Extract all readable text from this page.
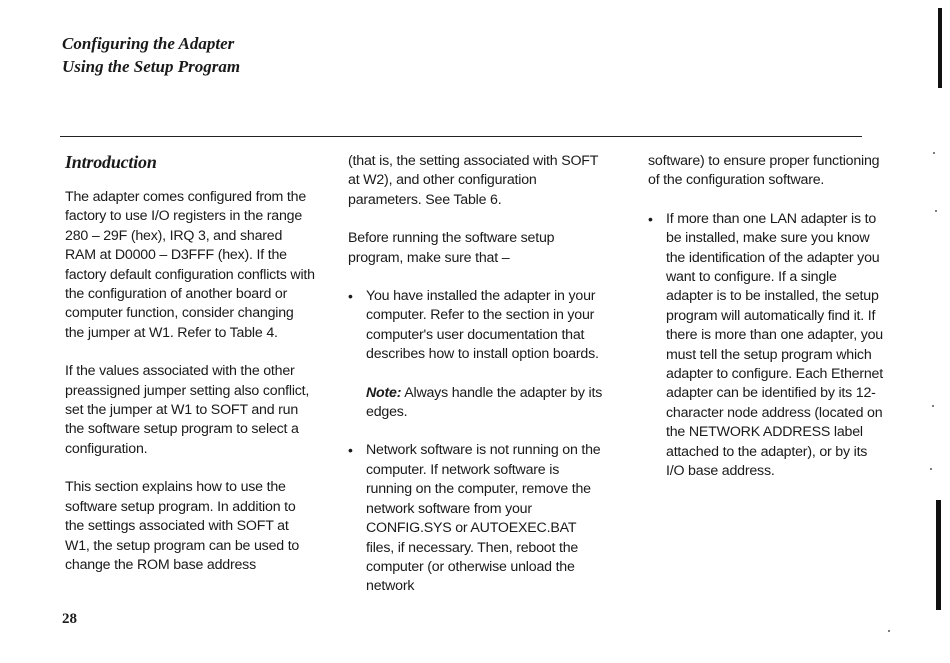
Configuring the Adapter
Using the Setup Program
Introduction

The adapter comes configured from the factory to use I/O registers in the range 280 – 29F (hex), IRQ 3, and shared RAM at D0000 – D3FFF (hex). If the factory default configuration conflicts with the configuration of another board or computer function, consider changing the jumper at W1. Refer to Table 4.

If the values associated with the other preassigned jumper setting also conflict, set the jumper at W1 to SOFT and run the software setup program to select a configuration.

This section explains how to use the software setup program. In addition to the settings associated with SOFT at W1, the setup program can be used to change the ROM base address

(that is, the setting associated with SOFT at W2), and other configuration parameters. See Table 6.

Before running the software setup program, make sure that –

• You have installed the adapter in your computer. Refer to the section in your computer's user documentation that describes how to install option boards.

Note: Always handle the adapter by its edges.

• Network software is not running on the computer. If network software is running on the computer, remove the network software from your CONFIG.SYS or AUTOEXEC.BAT files, if necessary. Then, reboot the computer (or otherwise unload the network

software) to ensure proper functioning of the configuration software.

• If more than one LAN adapter is to be installed, make sure you know the identification of the adapter you want to configure. If a single adapter is to be installed, the setup program will automatically find it. If there is more than one adapter, you must tell the setup program which adapter to configure. Each Ethernet adapter can be identified by its 12-character node address (located on the NETWORK ADDRESS label attached to the adapter), or by its I/O base address.
28
